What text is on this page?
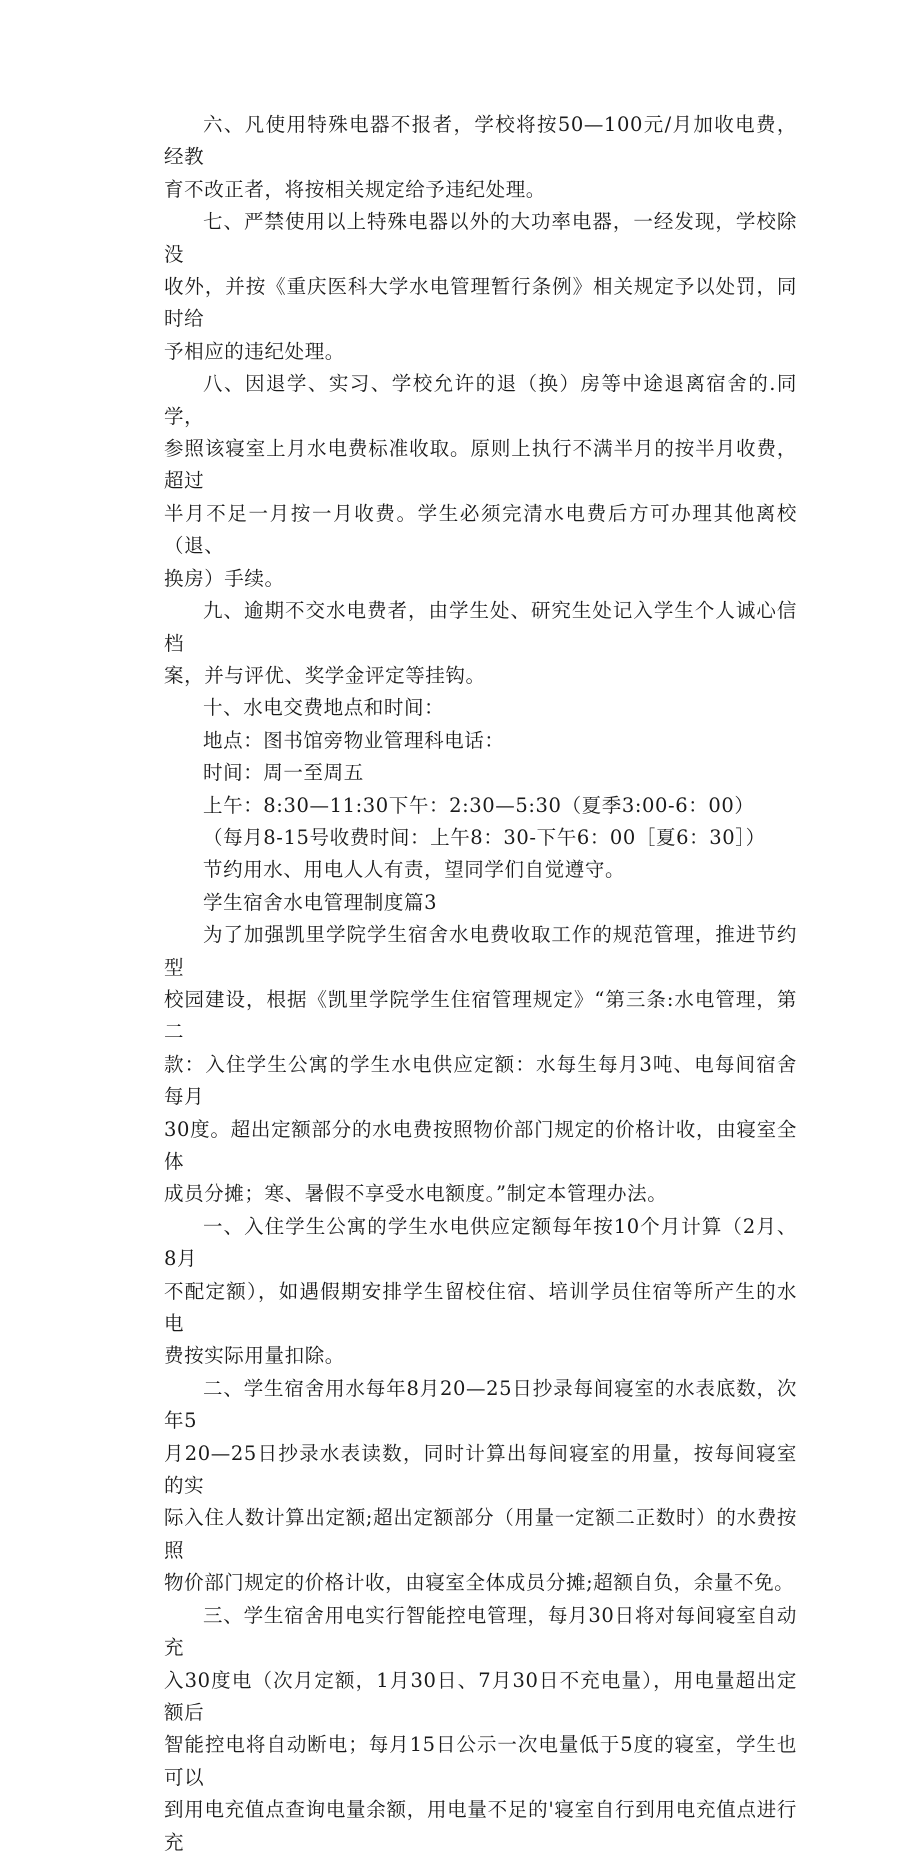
六、凡使用特殊电器不报者，学校将按50—100元/月加收电费，经教
育不改正者，将按相关规定给予违纪处理。

七、严禁使用以上特殊电器以外的大功率电器，一经发现，学校除没
收外，并按《重庆医科大学水电管理暂行条例》相关规定予以处罚，同时给
予相应的违纪处理。

八、因退学、实习、学校允许的退（换）房等中途退离宿舍的.同学，
参照该寝室上月水电费标准收取。原则上执行不满半月的按半月收费，超过
半月不足一月按一月收费。学生必须完清水电费后方可办理其他离校（退、
换房）手续。

九、逾期不交水电费者，由学生处、研究生处记入学生个人诚心信档
案，并与评优、奖学金评定等挂钩。

十、水电交费地点和时间：

地点：图书馆旁物业管理科电话：

时间：周一至周五

上午：8:30—11:30下午：2:30—5:30（夏季3:00-6：00）

（每月8-15号收费时间：上午8：30-下午6：00［夏6：30］）

节约用水、用电人人有责，望同学们自觉遵守。

学生宿舍水电管理制度篇3

为了加强凯里学院学生宿舍水电费收取工作的规范管理，推进节约型
校园建设，根据《凯里学院学生住宿管理规定》“第三条:水电管理，第二
款：入住学生公寓的学生水电供应定额：水每生每月3吨、电每间宿舍每月
30度。超出定额部分的水电费按照物价部门规定的价格计收，由寝室全体
成员分摊；寒、暑假不享受水电额度。”制定本管理办法。

一、入住学生公寓的学生水电供应定额每年按10个月计算（2月、8月
不配定额），如遇假期安排学生留校住宿、培训学员住宿等所产生的水电
费按实际用量扣除。

二、学生宿舍用水每年8月20—25日抄录每间寝室的水表底数，次年5
月20—25日抄录水表读数，同时计算出每间寝室的用量，按每间寝室的实
际入住人数计算出定额;超出定额部分（用量一定额二正数时）的水费按照
物价部门规定的价格计收，由寝室全体成员分摊;超额自负，余量不免。

三、学生宿舍用电实行智能控电管理，每月30日将对每间寝室自动充
入30度电（次月定额，1月30日、7月30日不充电量），用电量超出定额后
智能控电将自动断电；每月15日公示一次电量低于5度的寝室，学生也可以
到用电充值点查询电量余额，用电量不足的'寝室自行到用电充值点进行充
